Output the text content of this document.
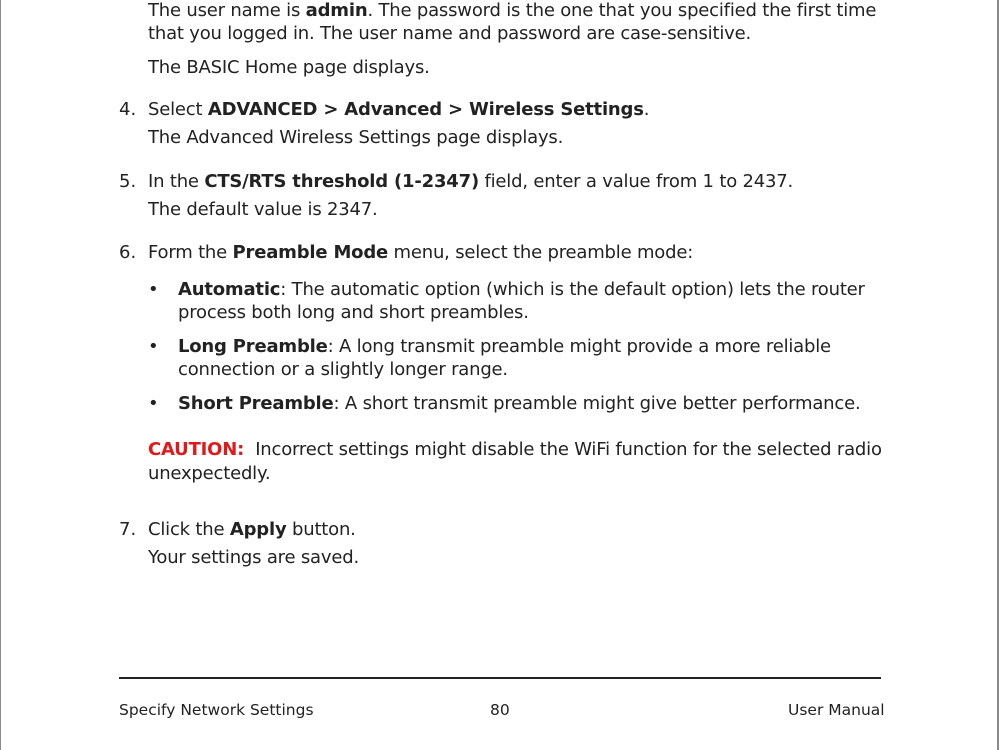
The user name is admin. The password is the one that you specified the first time
that you logged in. The user name and password are case-sensitive.
The BASIC Home page displays.
4. Select ADVANCED > Advanced > Wireless Settings.
The Advanced Wireless Settings page displays.
5. In the CTS/RTS threshold (1-2347) field, enter a value from 1 to 2437.
The default value is 2347.
6. Form the Preamble Mode menu, select the preamble mode:
• Automatic: The automatic option (which is the default option) lets the router
process both long and short preambles.
• Long Preamble: A long transmit preamble might provide a more reliable
connection or a slightly longer range.
• Short Preamble: A short transmit preamble might give better performance.
CAUTION:  Incorrect settings might disable the WiFi function for the selected radio
unexpectedly.
7. Click the Apply button.
Your settings are saved.
Specify Network Settings	80	User Manual
